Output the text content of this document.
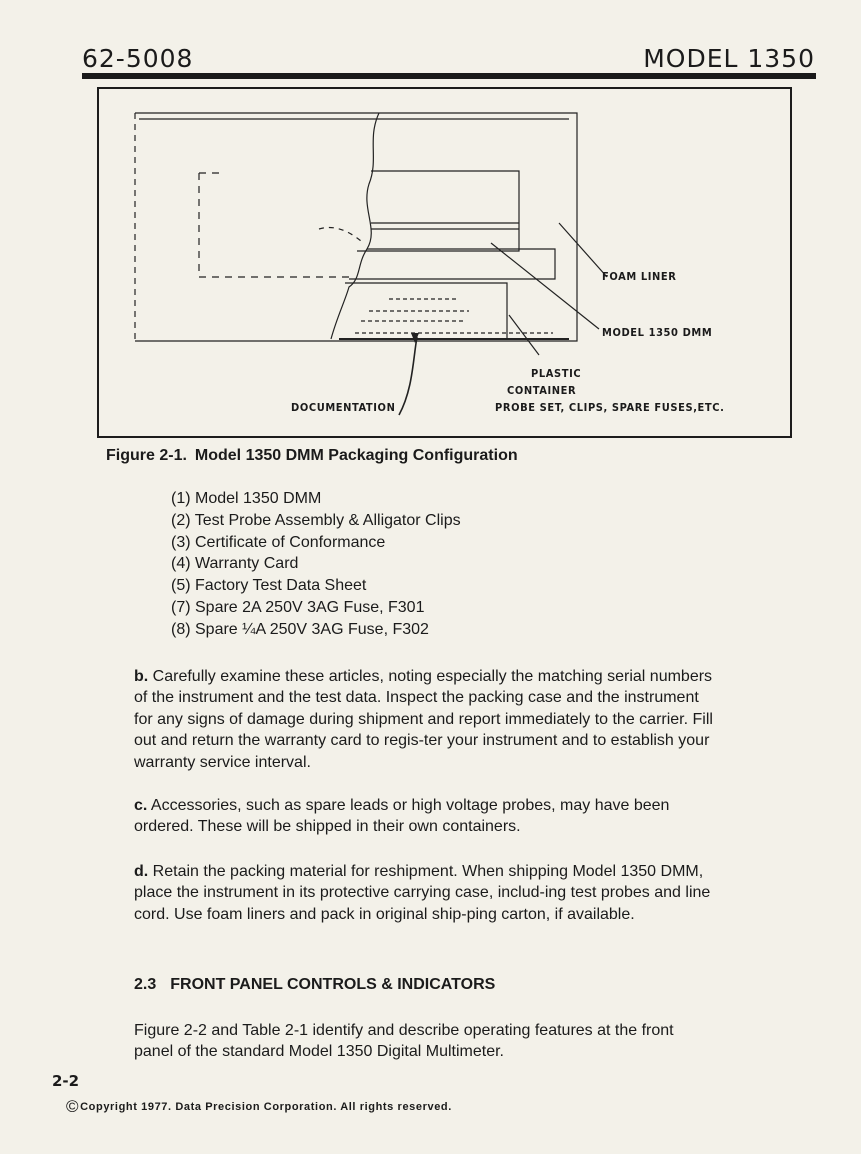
62-5008	MODEL 1350
FOAM LINER
MODEL 1350 DMM
PLASTIC
CONTAINER
PROBE SET, CLIPS, SPARE FUSES,ETC.
DOCUMENTATION
Figure 2-1. Model 1350 DMM Packaging Configuration
(1) Model 1350 DMM
(2) Test Probe Assembly & Alligator Clips
(3) Certificate of Conformance
(4) Warranty Card
(5) Factory Test Data Sheet
(7) Spare 2A 250V 3AG Fuse, F301
(8) Spare ¼A 250V 3AG Fuse, F302
b. Carefully examine these articles, noting especially the matching serial numbers of the instrument and the test data. Inspect the packing case and the instrument for any signs of damage during shipment and report immediately to the carrier. Fill out and return the warranty card to regis-ter your instrument and to establish your warranty service interval.
c. Accessories, such as spare leads or high voltage probes, may have been ordered. These will be shipped in their own containers.
d. Retain the packing material for reshipment. When shipping Model 1350 DMM, place the instrument in its protective carrying case, includ-ing test probes and line cord. Use foam liners and pack in original ship-ping carton, if available.
2.3 FRONT PANEL CONTROLS & INDICATORS
Figure 2-2 and Table 2-1 identify and describe operating features at the front panel of the standard Model 1350 Digital Multimeter.
2-2
©Copyright 1977. Data Precision Corporation. All rights reserved.
